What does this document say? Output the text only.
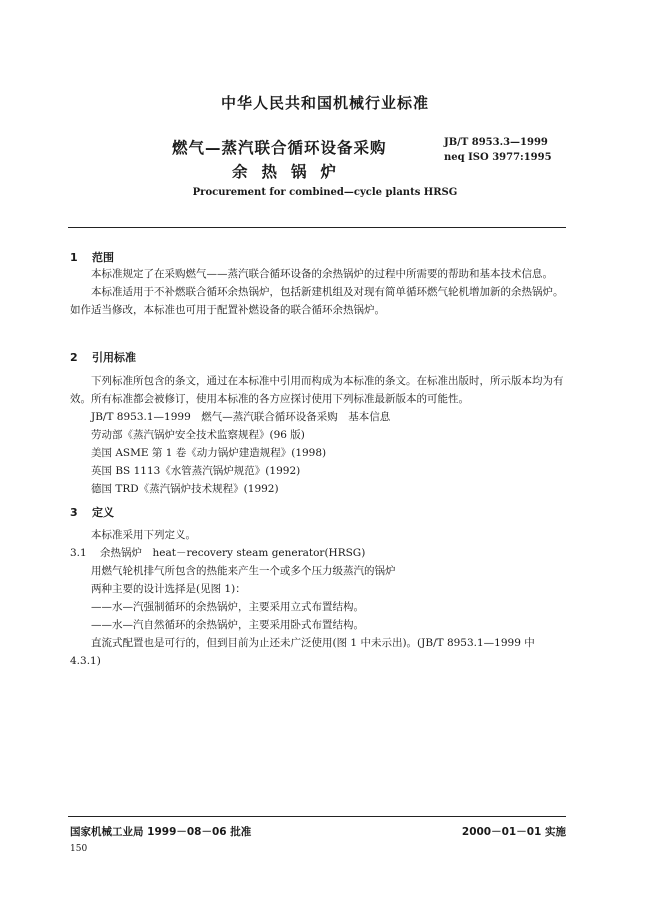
中华人民共和国机械行业标准
燃气—蒸汽联合循环设备采购
余热锅炉
JB/T 8953.3—1999
neq ISO 3977:1995
Procurement for combined—cycle plants HRSG
1 范围

本标准规定了在采购燃气——蒸汽联合循环设备的余热锅炉的过程中所需要的帮助和基本技术信息。

本标准适用于不补燃联合循环余热锅炉，包括新建机组及对现有简单循环燃气轮机增加新的余热锅炉。如作适当修改，本标准也可用于配置补燃设备的联合循环余热锅炉。

2 引用标准

下列标准所包含的条文，通过在本标准中引用而构成为本标准的条文。在标准出版时，所示版本均为有效。所有标准都会被修订，使用本标准的各方应探讨使用下列标准最新版本的可能性。

JB/T 8953.1—1999　燃气—蒸汽联合循环设备采购　基本信息

劳动部《蒸汽锅炉安全技术监察规程》(96 版)

美国 ASME 第 1 卷《动力锅炉建造规程》(1998)

英国 BS 1113《水管蒸汽锅炉规范》(1992)

德国 TRD《蒸汽锅炉技术规程》(1992)

3 定义

本标准采用下列定义。

3.1 余热锅炉　heat－recovery steam generator(HRSG)

用燃气轮机排气所包含的热能来产生一个或多个压力级蒸汽的锅炉

两种主要的设计选择是(见图 1)：

——水—汽强制循环的余热锅炉，主要采用立式布置结构。

——水—汽自然循环的余热锅炉，主要采用卧式布置结构。

直流式配置也是可行的，但到目前为止还未广泛使用(图 1 中未示出)。(JB/T 8953.1—1999 中 4.3.1)

国家机械工业局 1999－08－06 批准	2000－01－01 实施
150
